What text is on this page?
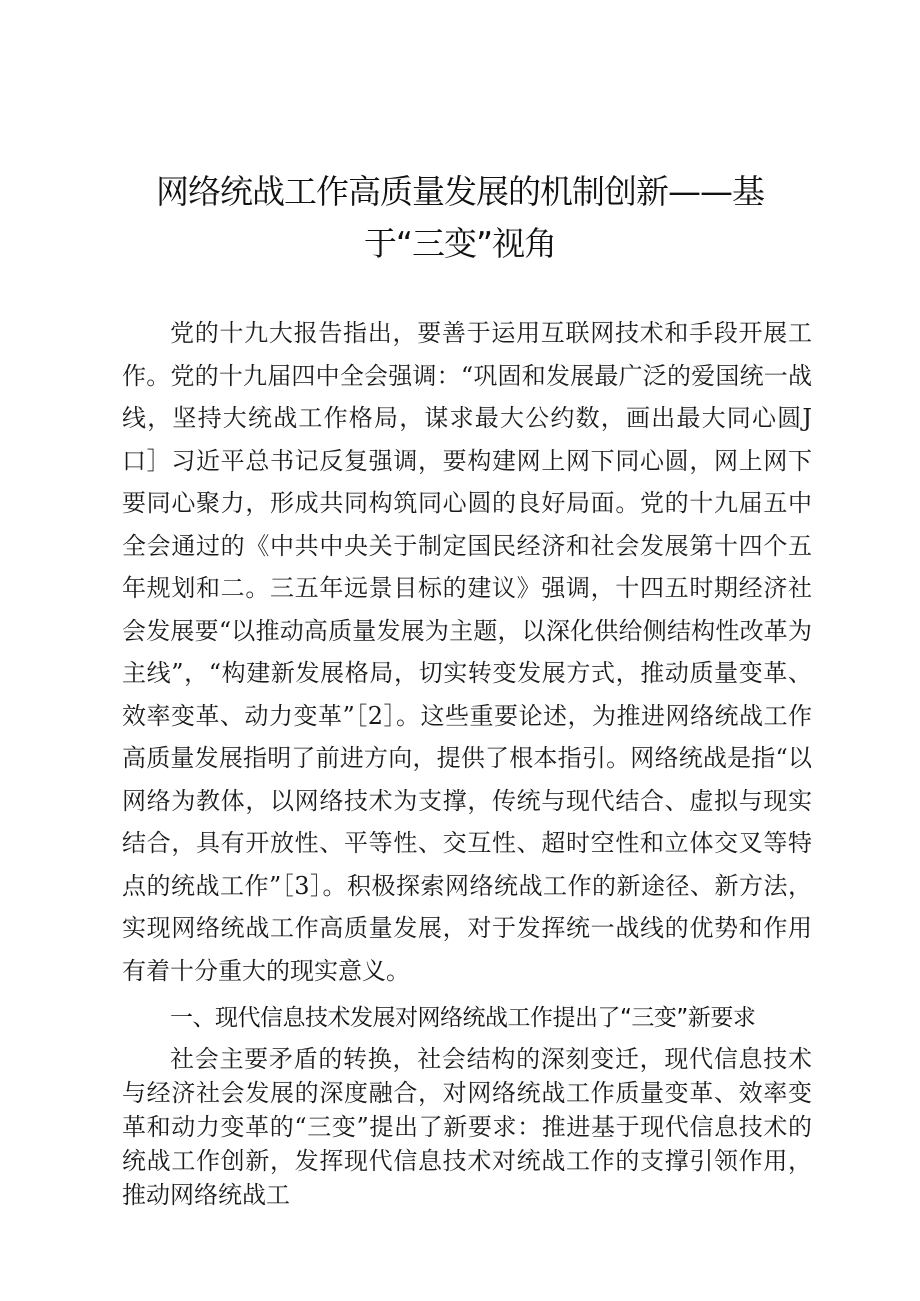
网络统战工作高质量发展的机制创新——基于“三变”视角

党的十九大报告指出，要善于运用互联网技术和手段开展工作。党的十九届四中全会强调：“巩固和发展最广泛的爱国统一战线，坚持大统战工作格局，谋求最大公约数，画出最大同心圆J口］习近平总书记反复强调，要构建网上网下同心圆，网上网下要同心聚力，形成共同构筑同心圆的良好局面。党的十九届五中全会通过的《中共中央关于制定国民经济和社会发展第十四个五年规划和二。三五年远景目标的建议》强调，十四五时期经济社会发展要“以推动高质量发展为主题，以深化供给侧结构性改革为主线”，“构建新发展格局，切实转变发展方式，推动质量变革、效率变革、动力变革”［2］。这些重要论述，为推进网络统战工作高质量发展指明了前进方向，提供了根本指引。网络统战是指“以网络为教体，以网络技术为支撑，传统与现代结合、虚拟与现实结合，具有开放性、平等性、交互性、超时空性和立体交叉等特点的统战工作”［3］。积极探索网络统战工作的新途径、新方法，实现网络统战工作高质量发展，对于发挥统一战线的优势和作用有着十分重大的现实意义。

一、现代信息技术发展对网络统战工作提出了“三变”新要求

社会主要矛盾的转换，社会结构的深刻变迁，现代信息技术与经济社会发展的深度融合，对网络统战工作质量变革、效率变革和动力变革的“三变”提出了新要求：推进基于现代信息技术的统战工作创新，发挥现代信息技术对统战工作的支撑引领作用，推动网络统战工
